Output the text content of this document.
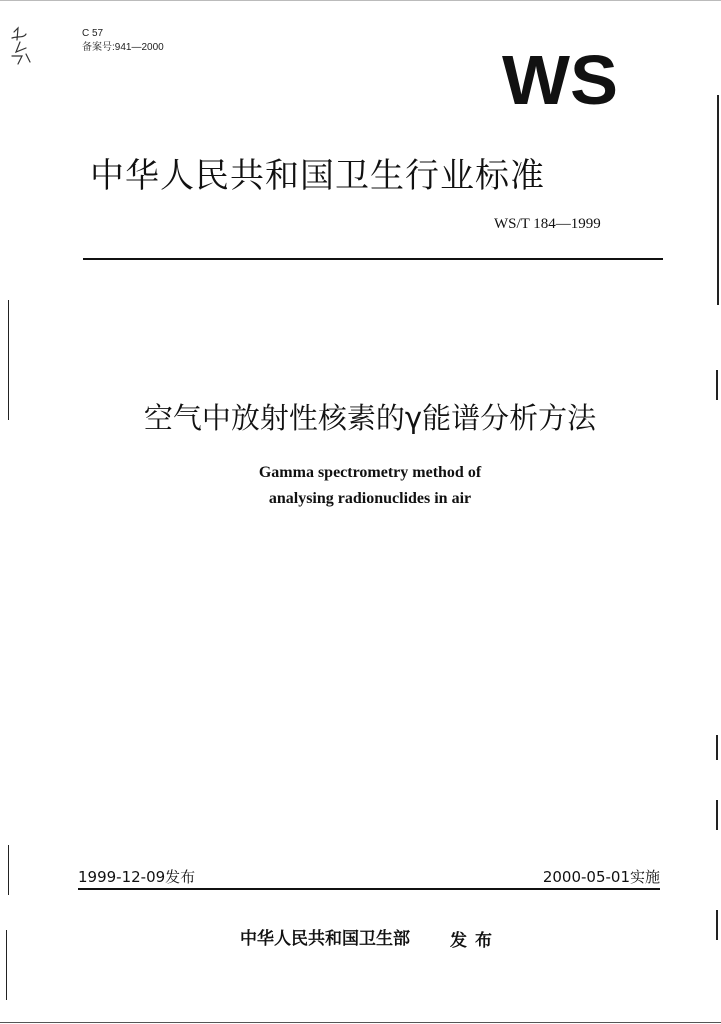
C 57
备案号:941—2000	WS
中华人民共和国卫生行业标准
WS/T 184—1999
空气中放射性核素的γ能谱分析方法
Gamma spectrometry method of
analysing radionuclides in air
1999-12-09发布	2000-05-01实施
中华人民共和国卫生部 发布
